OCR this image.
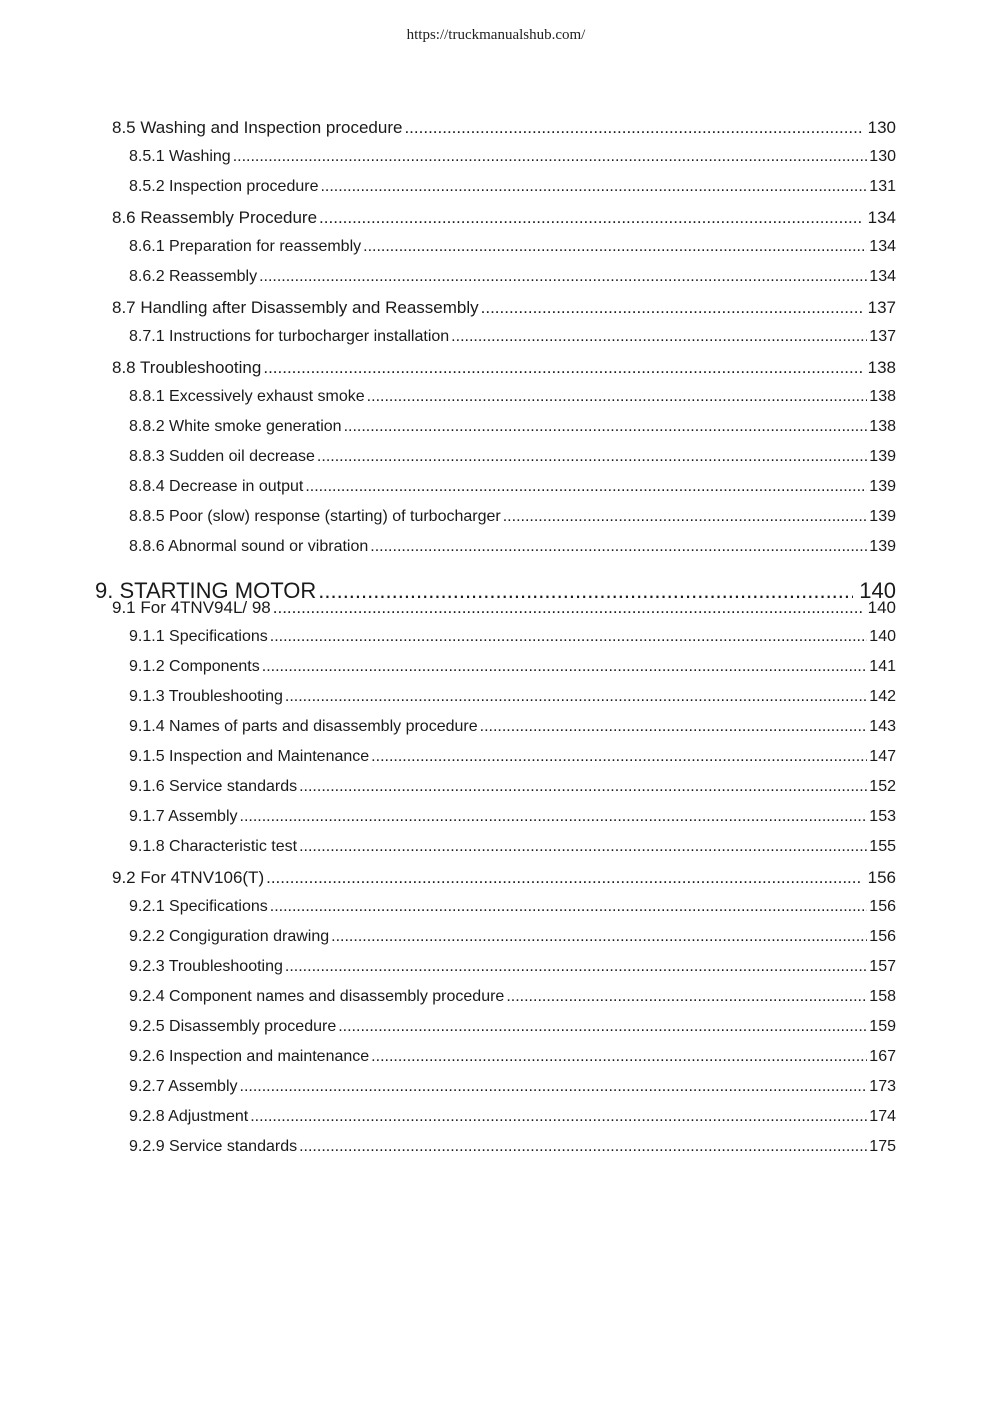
https://truckmanualshub.com/
8.5 Washing and Inspection procedure .....	130
8.5.1 Washing .....	130
8.5.2 Inspection procedure .....	131
8.6 Reassembly Procedure .....	134
8.6.1 Preparation for reassembly .....	134
8.6.2 Reassembly .....	134
8.7 Handling after Disassembly and Reassembly .....	137
8.7.1 Instructions for turbocharger installation .....	137
8.8 Troubleshooting .....	138
8.8.1 Excessively exhaust smoke .....	138
8.8.2 White smoke generation .....	138
8.8.3 Sudden oil decrease .....	139
8.8.4 Decrease in output .....	139
8.8.5 Poor (slow) response (starting) of turbocharger .....	139
8.8.6 Abnormal sound or vibration .....	139
9. STARTING MOTOR .....	140
9.1 For 4TNV94L/ 98 .....	140
9.1.1 Specifications .....	140
9.1.2 Components .....	141
9.1.3 Troubleshooting .....	142
9.1.4 Names of parts and disassembly procedure .....	143
9.1.5 Inspection and Maintenance .....	147
9.1.6 Service standards .....	152
9.1.7 Assembly .....	153
9.1.8 Characteristic test .....	155
9.2 For 4TNV106(T) .....	156
9.2.1 Specifications .....	156
9.2.2 Congiguration drawing .....	156
9.2.3 Troubleshooting .....	157
9.2.4 Component names and disassembly procedure .....	158
9.2.5 Disassembly procedure .....	159
9.2.6 Inspection and maintenance .....	167
9.2.7 Assembly .....	173
9.2.8 Adjustment .....	174
9.2.9 Service standards .....	175
